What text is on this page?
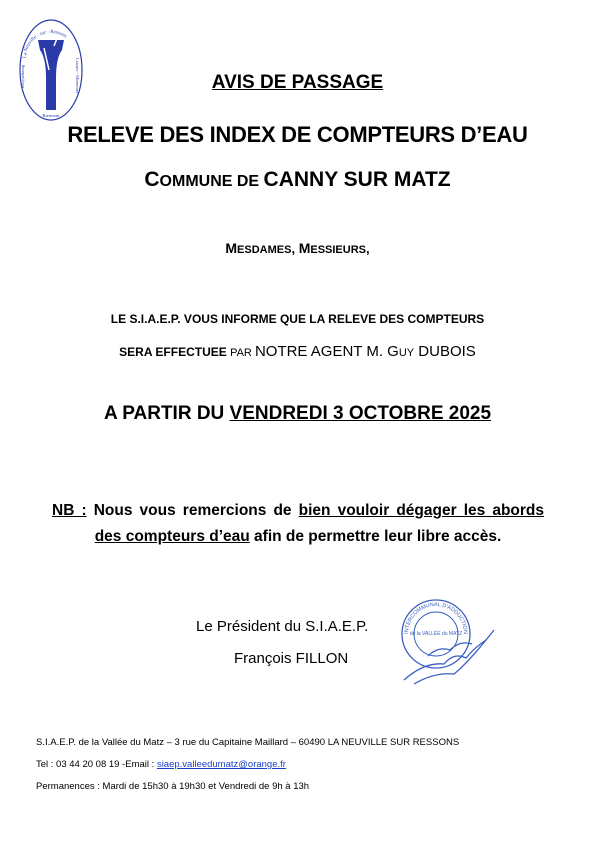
La Neuville - sur - Ressons
Ricquebourg	Lataule - Mortemer
Biermont
Cuvilly
AVIS DE PASSAGE
RELEVE DES INDEX DE COMPTEURS D’EAU
COMMUNE DE CANNY SUR MATZ
MESDAMES, MESSIEURS,
LE S.I.A.E.P. VOUS INFORME QUE LA RELEVE DES COMPTEURS
SERA EFFECTUEE PAR NOTRE AGENT M. GUY DUBOIS
A PARTIR DU VENDREDI 3 OCTOBRE 2025
NB : Nous vous remercions de bien vouloir dégager les abords des compteurs d’eau afin de permettre leur libre accès.
Le Président du S.I.A.E.P.
François FILLON
INTERCOMMUNAL D'ADDUCTION
de la VALLÉE du MATZ
S.I.A.E.P. de la Vallée du Matz – 3 rue du Capitaine Maillard – 60490 LA NEUVILLE SUR RESSONS
Tel : 03 44 20 08 19 -Email : siaep.valleedumatz@orange.fr
Permanences : Mardi de 15h30 à 19h30 et Vendredi de 9h à 13h
